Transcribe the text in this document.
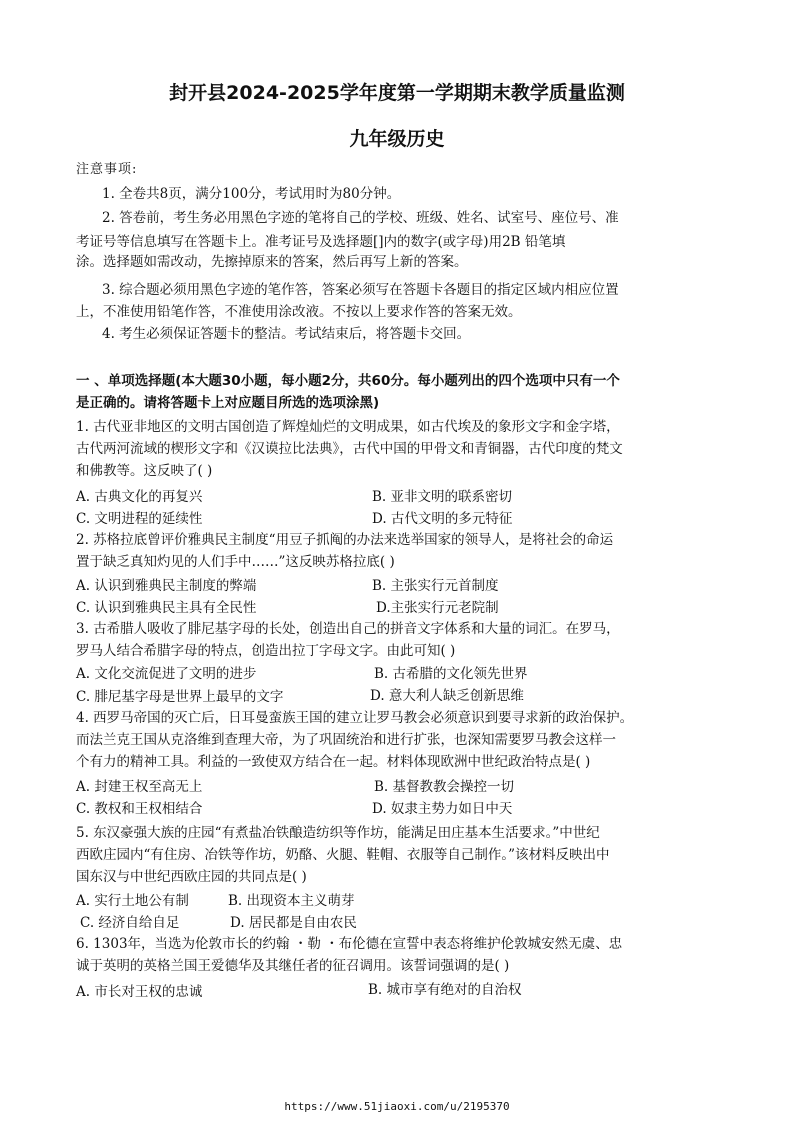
封开县2024-2025学年度第一学期期末教学质量监测
九年级历史
注意事项:
1. 全卷共8页，满分100分，考试用时为80分钟。
2. 答卷前，考生务必用黑色字迹的笔将自己的学校、班级、姓名、试室号、座位号、准
考证号等信息填写在答题卡上。准考证号及选择题[]内的数字(或字母)用2B 铅笔填
涂。选择题如需改动，先擦掉原来的答案，然后再写上新的答案。
3. 综合题必须用黑色字迹的笔作答，答案必须写在答题卡各题目的指定区域内相应位置
上，不准使用铅笔作答，不准使用涂改液。不按以上要求作答的答案无效。
4. 考生必须保证答题卡的整洁。考试结束后，将答题卡交回。
一 、单项选择题(本大题30小题，每小题2分，共60分。每小题列出的四个选项中只有一个
是正确的。请将答题卡上对应题目所选的选项涂黑)
1. 古代亚非地区的文明古国创造了辉煌灿烂的文明成果，如古代埃及的象形文字和金字塔，
古代两河流域的楔形文字和《汉谟拉比法典》，古代中国的甲骨文和青铜器，古代印度的梵文
和佛教等。这反映了( )
A. 古典文化的再复兴	B. 亚非文明的联系密切
C. 文明进程的延续性	D. 古代文明的多元特征
2. 苏格拉底曾评价雅典民主制度“用豆子抓阄的办法来选举国家的领导人，是将社会的命运
置于缺乏真知灼见的人们手中……”这反映苏格拉底( )
A. 认识到雅典民主制度的弊端	B. 主张实行元首制度
C. 认识到雅典民主具有全民性	D.主张实行元老院制
3. 古希腊人吸收了腓尼基字母的长处，创造出自己的拼音文字体系和大量的词汇。在罗马，
罗马人结合希腊字母的特点，创造出拉丁字母文字。由此可知( )
A. 文化交流促进了文明的进步	B. 古希腊的文化领先世界
C. 腓尼基字母是世界上最早的文字	D. 意大利人缺乏创新思维
4. 西罗马帝国的灭亡后，日耳曼蛮族王国的建立让罗马教会必须意识到要寻求新的政治保护。
而法兰克王国从克洛维到查理大帝，为了巩固统治和进行扩张，也深知需要罗马教会这样一
个有力的精神工具。利益的一致使双方结合在一起。材料体现欧洲中世纪政治特点是( )
A. 封建王权至高无上	B. 基督教教会操控一切
C. 教权和王权相结合	D. 奴隶主势力如日中天
5. 东汉豪强大族的庄园“有煮盐冶铁酿造纺织等作坊，能满足田庄基本生活要求。”中世纪
西欧庄园内“有住房、冶铁等作坊，奶酪、火腿、鞋帽、衣服等自己制作。”该材料反映出中
国东汉与中世纪西欧庄园的共同点是( )
A. 实行土地公有制	B. 出现资本主义萌芽
C. 经济自给自足	D. 居民都是自由农民
6. 1303年，当选为伦敦市长的约翰 ・勒 ・布伦德在宣誓中表态将维护伦敦城安然无虞、忠
诚于英明的英格兰国王爱德华及其继任者的征召调用。该誓词强调的是( )
A. 市长对王权的忠诚	B. 城市享有绝对的自治权
https://www.51jiaoxi.com/u/2195370
